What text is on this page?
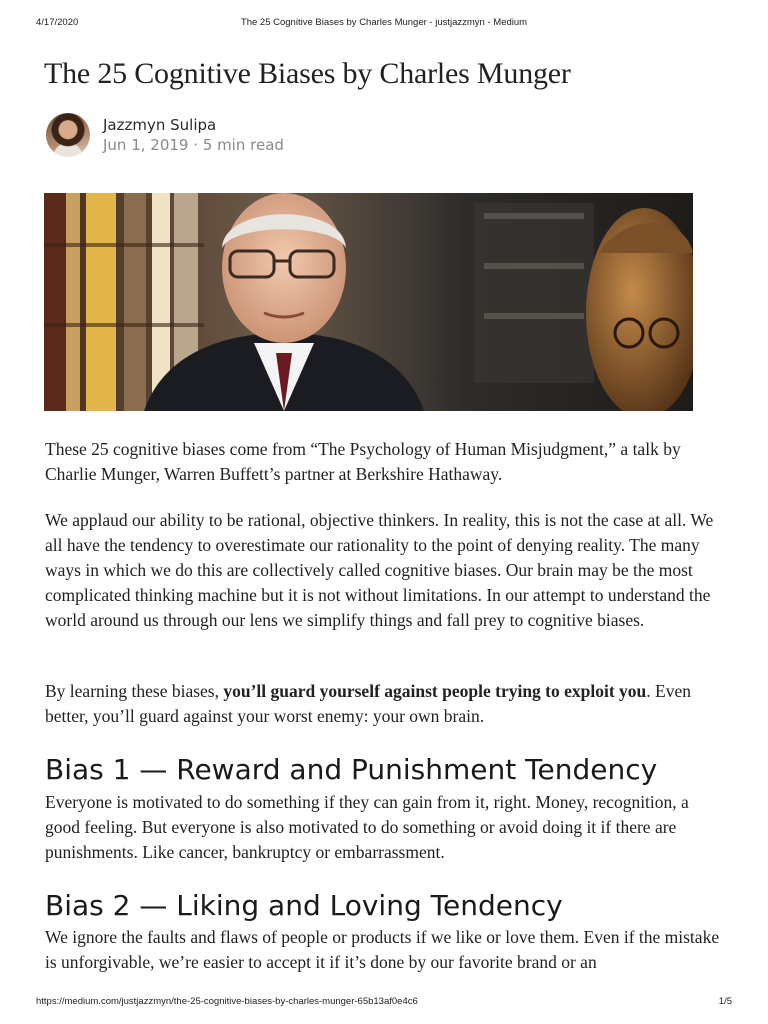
4/17/2020	The 25 Cognitive Biases by Charles Munger - justjazzmyn - Medium
The 25 Cognitive Biases by Charles Munger
Jazzmyn Sulipa
Jun 1, 2019 · 5 min read

These 25 cognitive biases come from “The Psychology of Human Misjudgment,” a talk by Charlie Munger, Warren Buffett’s partner at Berkshire Hathaway.

We applaud our ability to be rational, objective thinkers. In reality, this is not the case at all. We all have the tendency to overestimate our rationality to the point of denying reality. The many ways in which we do this are collectively called cognitive biases. Our brain may be the most complicated thinking machine but it is not without limitations. In our attempt to understand the world around us through our lens we simplify things and fall prey to cognitive biases.

By learning these biases, you’ll guard yourself against people trying to exploit you. Even better, you’ll guard against your worst enemy: your own brain.

Bias 1 — Reward and Punishment Tendency

Everyone is motivated to do something if they can gain from it, right. Money, recognition, a good feeling. But everyone is also motivated to do something or avoid doing it if there are punishments. Like cancer, bankruptcy or embarrassment.

Bias 2 — Liking and Loving Tendency

We ignore the faults and flaws of people or products if we like or love them. Even if the mistake is unforgivable, we’re easier to accept it if it’s done by our favorite brand or an

https://medium.com/justjazzmyn/the-25-cognitive-biases-by-charles-munger-65b13af0e4c6	1/5
